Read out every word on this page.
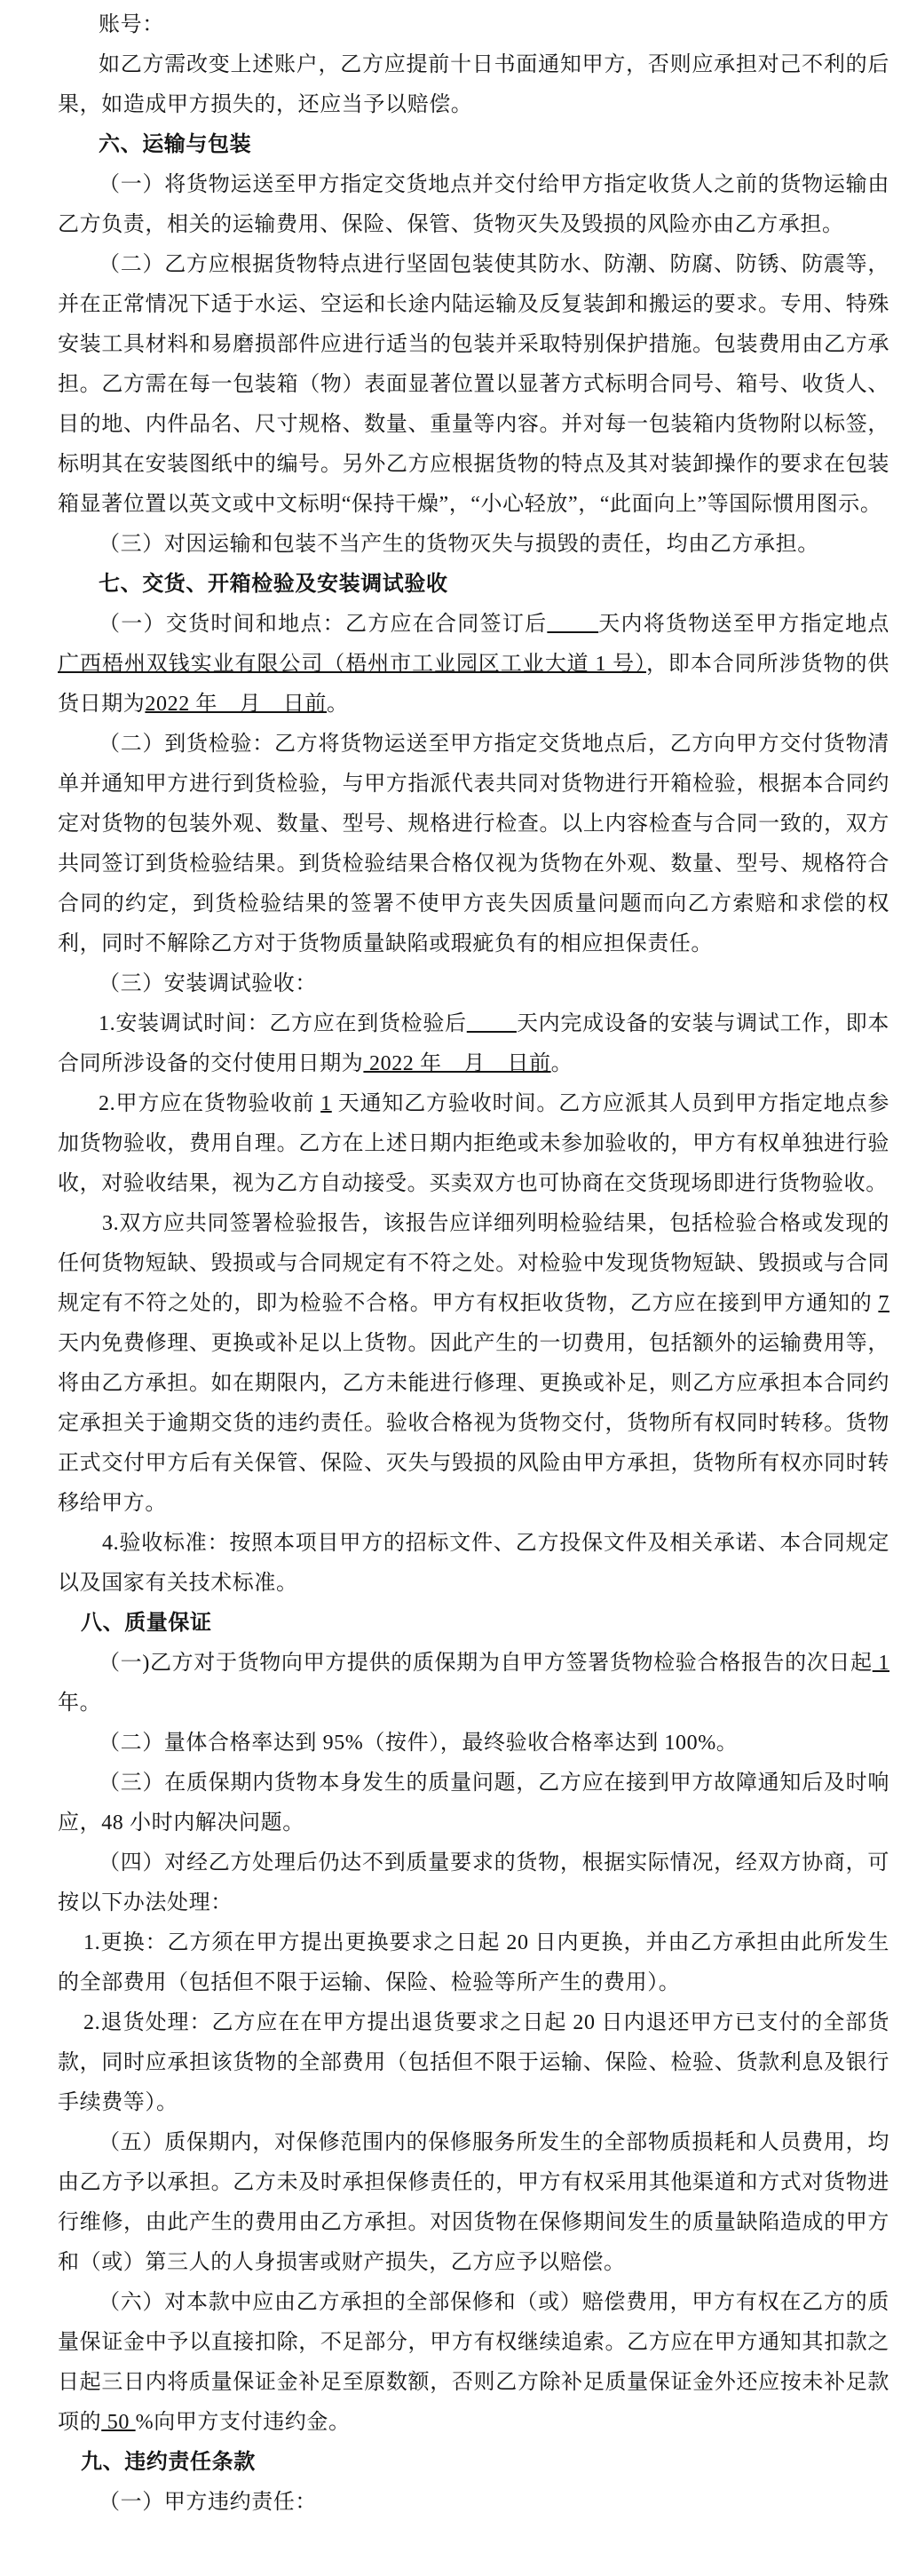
账号：

如乙方需改变上述账户，乙方应提前十日书面通知甲方，否则应承担对己不利的后果，如造成甲方损失的，还应当予以赔偿。

六、运输与包装

（一）将货物运送至甲方指定交货地点并交付给甲方指定收货人之前的货物运输由乙方负责，相关的运输费用、保险、保管、货物灭失及毁损的风险亦由乙方承担。

（二）乙方应根据货物特点进行坚固包装使其防水、防潮、防腐、防锈、防震等，并在正常情况下适于水运、空运和长途内陆运输及反复装卸和搬运的要求。专用、特殊安装工具材料和易磨损部件应进行适当的包装并采取特别保护措施。包装费用由乙方承担。乙方需在每一包装箱（物）表面显著位置以显著方式标明合同号、箱号、收货人、目的地、内件品名、尺寸规格、数量、重量等内容。并对每一包装箱内货物附以标签，标明其在安装图纸中的编号。另外乙方应根据货物的特点及其对装卸操作的要求在包装箱显著位置以英文或中文标明“保持干燥”，“小心轻放”，“此面向上”等国际惯用图示。

（三）对因运输和包装不当产生的货物灭失与损毁的责任，均由乙方承担。

七、交货、开箱检验及安装调试验收

（一）交货时间和地点：乙方应在合同签订后　　 天内将货物送至甲方指定地点广西梧州双钱实业有限公司（梧州市工业园区工业大道 1 号），即本合同所涉货物的供货日期为2022 年　月　日前。

（二）到货检验：乙方将货物运送至甲方指定交货地点后，乙方向甲方交付货物清单并通知甲方进行到货检验，与甲方指派代表共同对货物进行开箱检验，根据本合同约定对货物的包装外观、数量、型号、规格进行检查。以上内容检查与合同一致的，双方共同签订到货检验结果。到货检验结果合格仅视为货物在外观、数量、型号、规格符合合同的约定，到货检验结果的签署不使甲方丧失因质量问题而向乙方索赔和求偿的权利，同时不解除乙方对于货物质量缺陷或瑕疵负有的相应担保责任。

（三）安装调试验收：

1.安装调试时间：乙方应在到货检验后　　 天内完成设备的安装与调试工作，即本合同所涉设备的交付使用日期为 2022 年　月　日前。

2.甲方应在货物验收前 1 天通知乙方验收时间。乙方应派其人员到甲方指定地点参加货物验收，费用自理。乙方在上述日期内拒绝或未参加验收的，甲方有权单独进行验收，对验收结果，视为乙方自动接受。买卖双方也可协商在交货现场即进行货物验收。

3.双方应共同签署检验报告，该报告应详细列明检验结果，包括检验合格或发现的任何货物短缺、毁损或与合同规定有不符之处。对检验中发现货物短缺、毁损或与合同规定有不符之处的，即为检验不合格。甲方有权拒收货物，乙方应在接到甲方通知的 7 天内免费修理、更换或补足以上货物。因此产生的一切费用，包括额外的运输费用等，将由乙方承担。如在期限内，乙方未能进行修理、更换或补足，则乙方应承担本合同约定承担关于逾期交货的违约责任。验收合格视为货物交付，货物所有权同时转移。货物正式交付甲方后有关保管、保险、灭失与毁损的风险由甲方承担，货物所有权亦同时转移给甲方。

4.验收标准：按照本项目甲方的招标文件、乙方投保文件及相关承诺、本合同规定以及国家有关技术标准。

八、质量保证

（一)乙方对于货物向甲方提供的质保期为自甲方签署货物检验合格报告的次日起 1 年。

（二）量体合格率达到 95%（按件），最终验收合格率达到 100%。

（三）在质保期内货物本身发生的质量问题，乙方应在接到甲方故障通知后及时响应，48 小时内解决问题。

（四）对经乙方处理后仍达不到质量要求的货物，根据实际情况，经双方协商，可按以下办法处理：

1.更换：乙方须在甲方提出更换要求之日起 20 日内更换，并由乙方承担由此所发生的全部费用（包括但不限于运输、保险、检验等所产生的费用）。

2.退货处理：乙方应在在甲方提出退货要求之日起 20 日内退还甲方已支付的全部货款，同时应承担该货物的全部费用（包括但不限于运输、保险、检验、货款利息及银行手续费等）。

（五）质保期内，对保修范围内的保修服务所发生的全部物质损耗和人员费用，均由乙方予以承担。乙方未及时承担保修责任的，甲方有权采用其他渠道和方式对货物进行维修，由此产生的费用由乙方承担。对因货物在保修期间发生的质量缺陷造成的甲方和（或）第三人的人身损害或财产损失，乙方应予以赔偿。

（六）对本款中应由乙方承担的全部保修和（或）赔偿费用，甲方有权在乙方的质量保证金中予以直接扣除，不足部分，甲方有权继续追索。乙方应在甲方通知其扣款之日起三日内将质量保证金补足至原数额，否则乙方除补足质量保证金外还应按未补足款项的 50 %向甲方支付违约金。

九、违约责任条款

（一）甲方违约责任：
